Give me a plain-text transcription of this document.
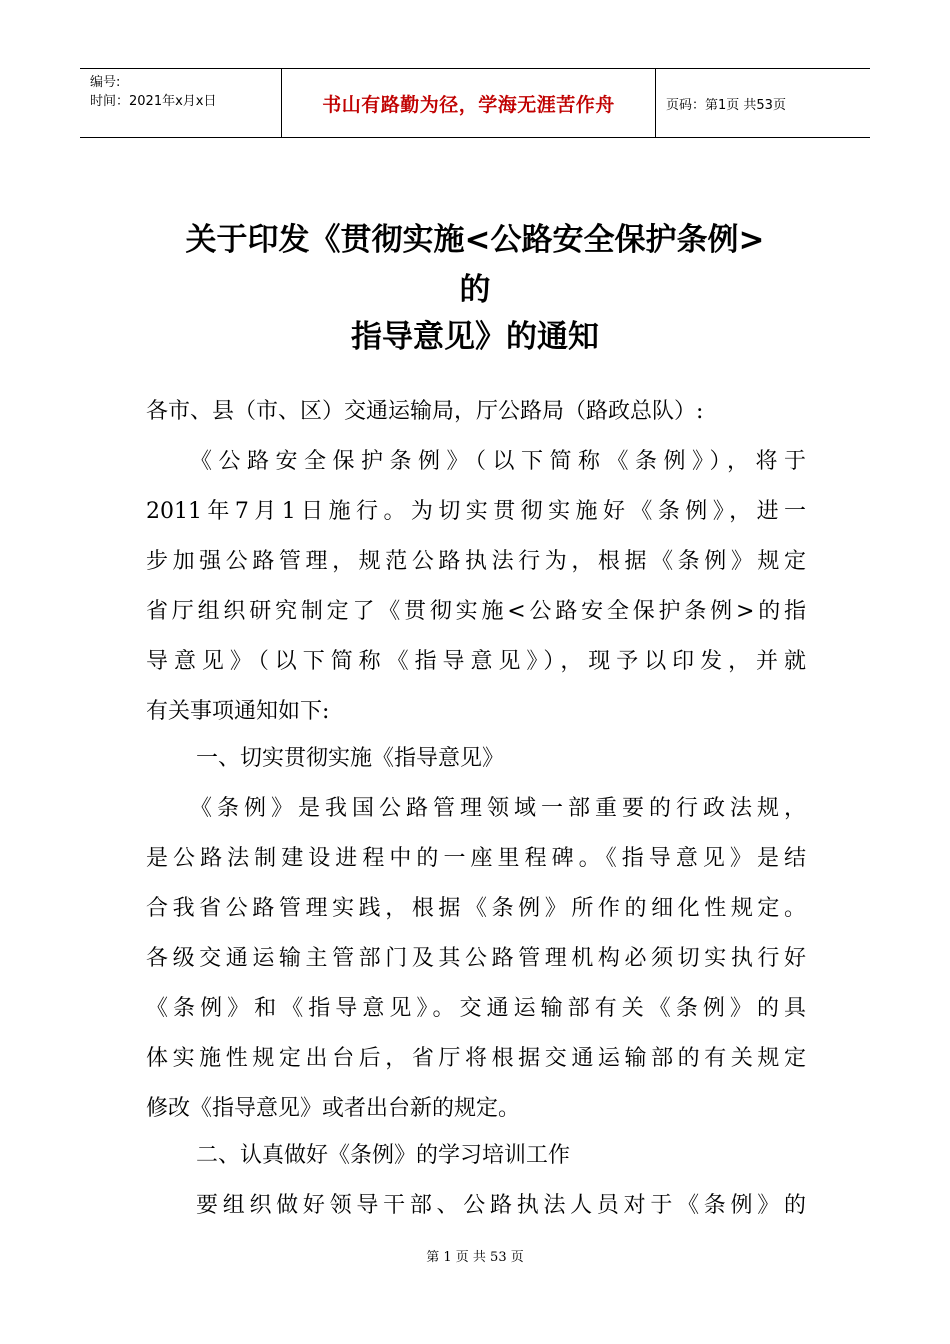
编号:
时间：2021年x月x日	书山有路勤为径，学海无涯苦作舟	页码：第1页 共53页
关于印发《贯彻实施<公路安全保护条例>
的
指导意见》的通知
各市、县（市、区）交通运输局，厅公路局（路政总队）:
《公路安全保护条例》（以下简称《条例》），将于
2011年7月1日施行。为切实贯彻实施好《条例》，进一
步加强公路管理，规范公路执法行为，根据《条例》规定
省厅组织研究制定了《贯彻实施<公路安全保护条例>的指
导意见》（以下简称《指导意见》），现予以印发，并就
有关事项通知如下:
一、切实贯彻实施《指导意见》
《条例》是我国公路管理领域一部重要的行政法规，
是公路法制建设进程中的一座里程碑。《指导意见》是结
合我省公路管理实践，根据《条例》所作的细化性规定。
各级交通运输主管部门及其公路管理机构必须切实执行好
《条例》和《指导意见》。交通运输部有关《条例》的具
体实施性规定出台后，省厅将根据交通运输部的有关规定
修改《指导意见》或者出台新的规定。
二、认真做好《条例》的学习培训工作
要组织做好领导干部、公路执法人员对于《条例》的
第 1 页 共 53 页
